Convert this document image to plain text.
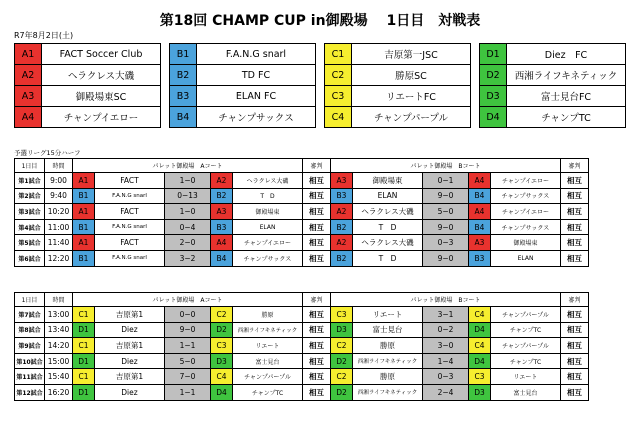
第18回 CHAMP CUP in御殿場　 1日目　対戦表
R7年8月2日(土)
A1	FACT Soccer Club		B1	F.A.N.G snarl		C1	吉原第一JSC		D1	Diez　FC
A2	ヘラクレス大磯		B2	TD FC		C2	勝原SC		D2	西湘ライフキネティック
A3	御殿場東SC		B3	ELAN FC		C3	リエートFC		D3	富士見台FC
A4	チャンプイエロー		B4	チャンプサックス		C4	チャンプパープル		D4	チャンプTC
予選リーグ15分ハーフ
1日目	時間	パレット御殿場　Aコート					審判	パレット御殿場　Bコート					審判
第1試合	9:00	A1	FACT	1−0	A2	ヘラクレス大磯	相互	A3	御殿場東	0−1	A4	チャンプイエロー	相互
第2試合	9:40	B1	F.A.N.G snarl	0−13	B2	T　D	相互	B3	ELAN	9−0	B4	チャンプサックス	相互
第3試合	10:20	A1	FACT	1−0	A3	御殿場東	相互	A2	ヘラクレス大磯	5−0	A4	チャンプイエロー	相互
第4試合	11:00	B1	F.A.N.G snarl	0−4	B3	ELAN	相互	B2	T　D	9−0	B4	チャンプサックス	相互
第5試合	11:40	A1	FACT	2−0	A4	チャンプイエロー	相互	A2	ヘラクレス大磯	0−3	A3	御殿場東	相互
第6試合	12:20	B1	F.A.N.G snarl	3−2	B4	チャンプサックス	相互	B2	T　D	9−0	B3	ELAN	相互
1日目	時間	パレット御殿場　Aコート					審判	パレット御殿場　Bコート					審判
第7試合	13:00	C1	吉原第1	0−0	C2	勝原	相互	C3	リエート	3−1	C4	チャンプパープル	相互
第8試合	13:40	D1	Diez	9−0	D2	西湘ライフキネティック	相互	D3	富士見台	0−2	D4	チャンプTC	相互
第9試合	14:20	C1	吉原第1	1−1	C3	リエート	相互	C2	勝原	3−0	C4	チャンプパープル	相互
第10試合	15:00	D1	Diez	5−0	D3	富士見台	相互	D2	西湘ライフキネティック	1−4	D4	チャンプTC	相互
第11試合	15:40	C1	吉原第1	7−0	C4	チャンプパープル	相互	C2	勝原	0−3	C3	リエート	相互
第12試合	16:20	D1	Diez	1−1	D4	チャンプTC	相互	D2	西湘ライフキネティック	2−4	D3	富士見台	相互
